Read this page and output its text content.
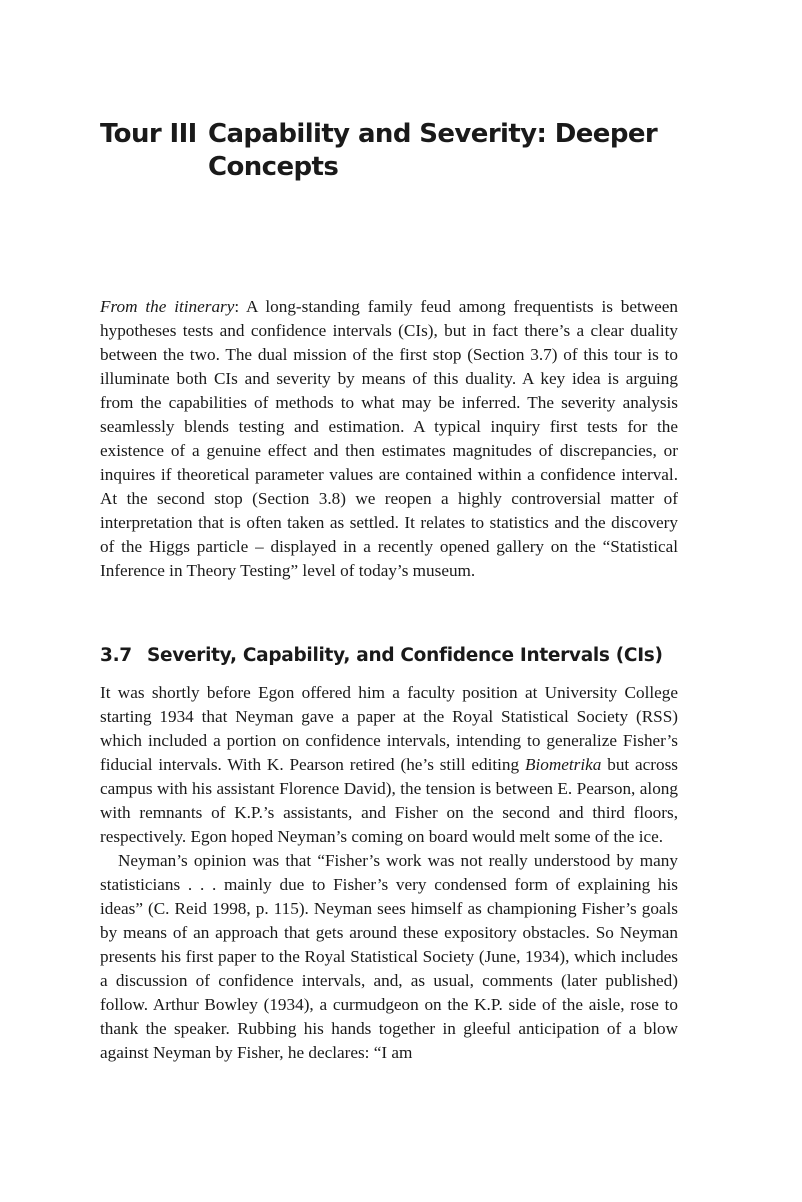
Tour III Capability and Severity: Deeper Concepts

From the itinerary: A long-standing family feud among frequentists is between hypotheses tests and confidence intervals (CIs), but in fact there’s a clear duality between the two. The dual mission of the first stop (Section 3.7) of this tour is to illuminate both CIs and severity by means of this duality. A key idea is arguing from the capabilities of methods to what may be inferred. The severity analysis seamlessly blends testing and estimation. A typical inquiry first tests for the existence of a genuine effect and then estimates magnitudes of discrepancies, or inquires if theoretical parameter values are contained within a confidence interval. At the second stop (Section 3.8) we reopen a highly controversial matter of interpretation that is often taken as settled. It relates to statistics and the discovery of the Higgs particle – displayed in a recently opened gallery on the “Statistical Inference in Theory Testing” level of today’s museum.

3.7 Severity, Capability, and Confidence Intervals (CIs)

It was shortly before Egon offered him a faculty position at University College starting 1934 that Neyman gave a paper at the Royal Statistical Society (RSS) which included a portion on confidence intervals, intending to generalize Fisher’s fiducial intervals. With K. Pearson retired (he’s still editing Biometrika but across campus with his assistant Florence David), the tension is between E. Pearson, along with remnants of K.P.’s assistants, and Fisher on the second and third floors, respectively. Egon hoped Neyman’s coming on board would melt some of the ice.

Neyman’s opinion was that “Fisher’s work was not really understood by many statisticians . . . mainly due to Fisher’s very condensed form of explaining his ideas” (C. Reid 1998, p. 115). Neyman sees himself as championing Fisher’s goals by means of an approach that gets around these expository obstacles. So Neyman presents his first paper to the Royal Statistical Society (June, 1934), which includes a discussion of confidence intervals, and, as usual, comments (later published) follow. Arthur Bowley (1934), a curmudgeon on the K.P. side of the aisle, rose to thank the speaker. Rubbing his hands together in gleeful anticipation of a blow against Neyman by Fisher, he declares: “I am
